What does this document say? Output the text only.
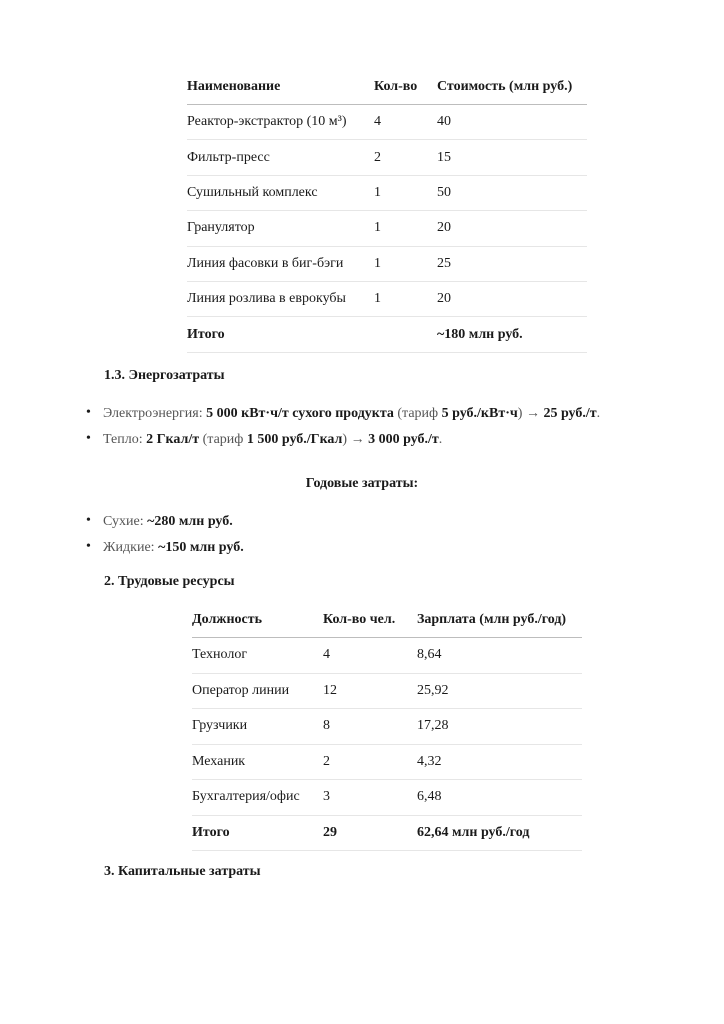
Наименование	Кол-во	Стоимость (млн руб.)
Реактор-экстрактор (10 м³)	4	40
Фильтр-пресс	2	15
Сушильный комплекс	1	50
Гранулятор	1	20
Линия фасовки в биг-бэги	1	25
Линия розлива в еврокубы	1	20
Итого		~180 млн руб.
1.3. Энергозатраты
• Электроэнергия: 5 000 кВт·ч/т сухого продукта (тариф 5 руб./кВт·ч) → 25 руб./т.
• Тепло: 2 Гкал/т (тариф 1 500 руб./Гкал) → 3 000 руб./т.
Годовые затраты:
• Сухие: ~280 млн руб.
• Жидкие: ~150 млн руб.
2. Трудовые ресурсы
Должность	Кол-во чел.	Зарплата (млн руб./год)
Технолог	4	8,64
Оператор линии	12	25,92
Грузчики	8	17,28
Механик	2	4,32
Бухгалтерия/офис	3	6,48
Итого	29	62,64 млн руб./год
3. Капитальные затраты
